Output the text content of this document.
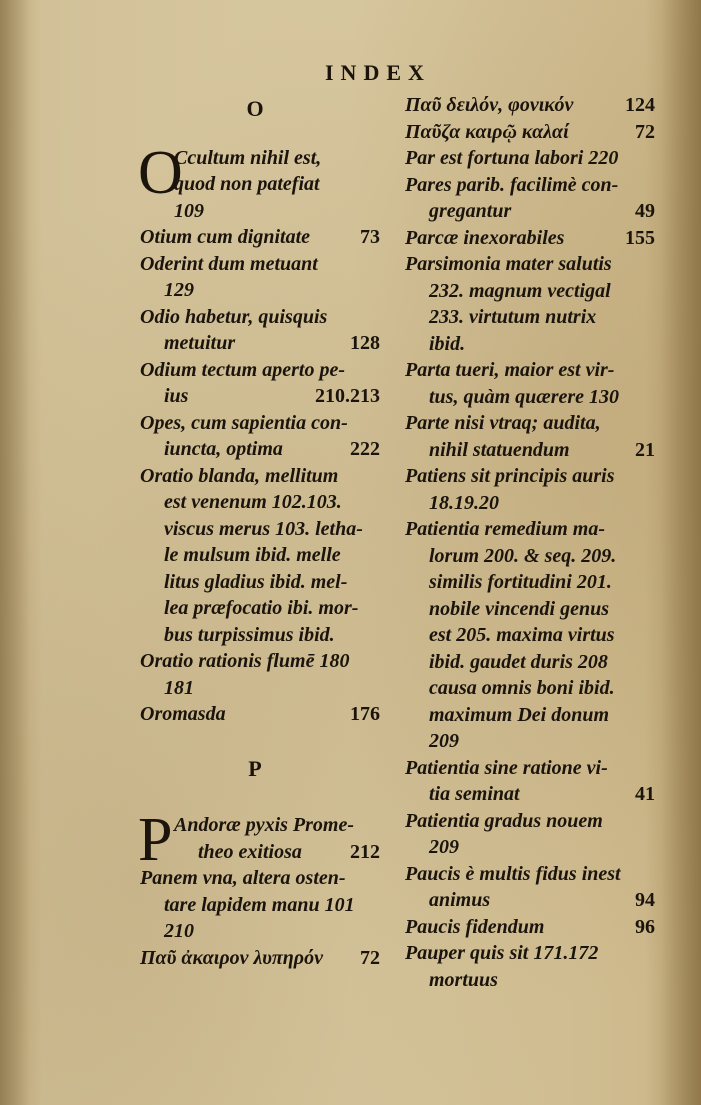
INDEX
O
O
Ccultum nihil est,
quod non patefiat
109
Otium cum dignitate 73
Oderint dum metuant
129
Odio habetur, quisquis
metuitur	128
Odium tectum aperto pe-
ius	210.213
Opes, cum sapientia con-
iuncta, optima	222
Oratio blanda, mellitum
est venenum 102.103.
viscus merus 103. letha-
le mulsum ibid. melle
litus gladius ibid. mel-
lea præfocatio ibi. mor-
bus turpissimus ibid.
Oratio rationis flumē 180
181
Oromasda	176
P
P Andoræ pyxis Prome-
theo exitiosa 212
Panem vna, altera osten-
tare lapidem manu 101
210
Παῦ ἀκαιρον λυπηρόν 72
Παῦ δειλόν, φονικόν	124
Παῦζα καιρῷ καλαί	72
Par est fortuna labori 220
Pares parib. facilimè con-
gregantur	49
Parcæ inexorabiles	155
Parsimonia mater salutis
232. magnum vectigal
233. virtutum nutrix
ibid.
Parta tueri, maior est vir-
tus, quàm quærere 130
Parte nisi vtraq; audita,
nihil statuendum	21
Patiens sit principis auris
18.19.20
Patientia remedium ma-
lorum 200. & seq. 209.
similis fortitudini 201.
nobile vincendi genus
est 205. maxima virtus
ibid. gaudet duris 208
causa omnis boni ibid.
maximum Dei donum
209
Patientia sine ratione vi-
tia seminat	41
Patientia gradus nouem
209
Paucis è multis fidus inest
animus	94
Paucis fidendum	96
Pauper quis sit 171.172
mortuus
